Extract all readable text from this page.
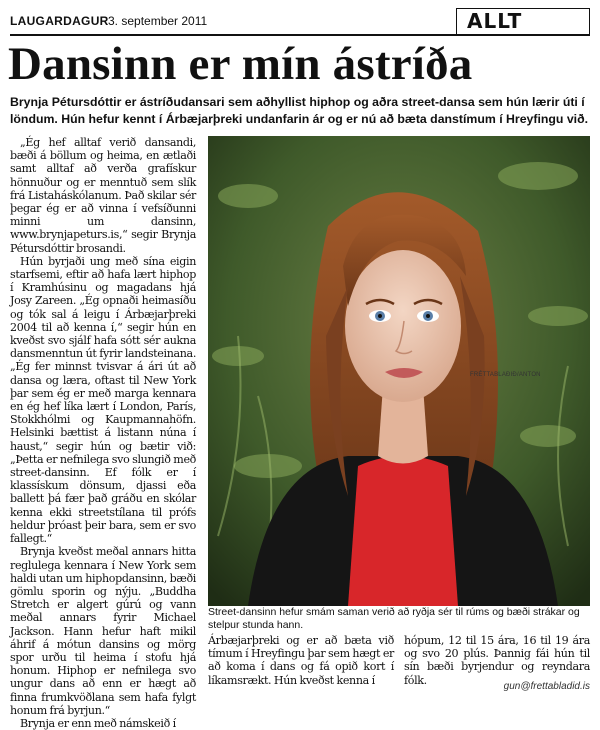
LAUGARDAGUR 3. september 2011	ALLT
Dansinn er mín ástríða

Brynja Pétursdóttir er ástríðudansari sem aðhyllist hiphop og aðra street-dansa sem hún lærir úti í löndum. Hún hefur kennt í Árbæjarþreki undanfarin ár og er nú að bæta danstímum í Hreyfingu við.

„Ég hef alltaf verið dansandi, bæði á böllum og heima, en ætlaði samt alltaf að verða grafískur hönnuður og er menntuð sem slík frá Listaháskólanum. Það skilar sér þegar ég er að vinna í vefsíðunni minni um dansinn, www.brynjapeturs.is,“ segir Brynja Pétursdóttir brosandi.

Hún byrjaði ung með sína eigin starfsemi, eftir að hafa lært hiphop í Kramhúsinu og magadans hjá Josy Zareen. „Ég opnaði heimasíðu og tók sal á leigu í Árbæjarþreki 2004 til að kenna í,“ segir hún en kveðst svo sjálf hafa sótt sér aukna dansmenntun út fyrir landsteinana. „Ég fer minnst tvisvar á ári út að dansa og læra, oftast til New York þar sem ég er með marga kennara en ég hef líka lært í London, París, Stokkhólmi og Kaupmannahöfn. Helsinki bættist á listann núna í haust,“ segir hún og bætir við: „Þetta er nefnilega svo slungið með street-dansinn. Ef fólk er í klassískum dönsum, djassi eða ballett þá fær það gráðu en skólar kenna ekki streetstílana til prófs heldur þróast þeir bara, sem er svo fallegt.“

Brynja kveðst meðal annars hitta reglulega kennara í New York sem haldi utan um hiphopdansinn, bæði gömlu sporin og nýju. „Buddha Stretch er algert gúrú og vann meðal annars fyrir Michael Jackson. Hann hefur haft mikil áhrif á mótun dansins og mörg spor urðu til heima í stofu hjá honum. Hiphop er nefnilega svo ungur dans að enn er hægt að finna frumkvöðlana sem hafa fylgt honum frá byrjun.“

Brynja er enn með námskeið í

FRÉTTABLAÐIÐ/ANTON

Street-dansinn hefur smám saman verið að ryðja sér til rúms og bæði strákar og stelpur stunda hann.

Árbæjarþreki og er að bæta við tímum í Hreyfingu þar sem hægt er að koma í dans og fá opið kort í líkamsrækt. Hún kveðst kenna í

hópum, 12 til 15 ára, 16 til 19 ára og svo 20 plús. Þannig fái hún til sín bæði byrjendur og reyndara fólk.	gun@frettabladid.is
